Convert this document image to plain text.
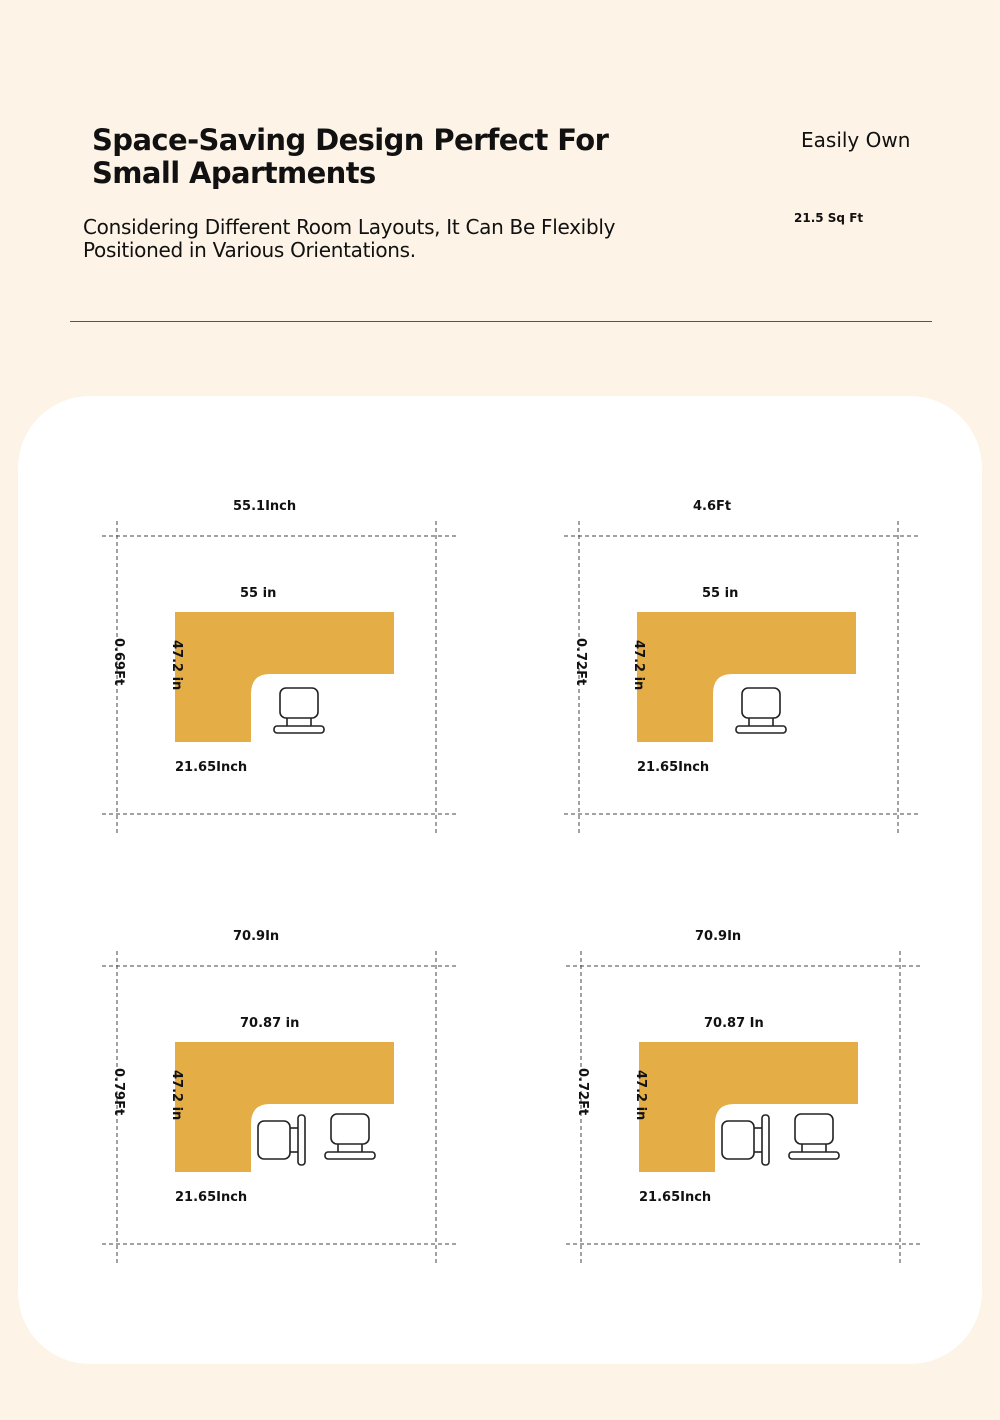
Space-Saving Design Perfect For Small Apartments

Considering Different Room Layouts, It Can Be Flexibly Positioned in Various Orientations.

Easily Own
21.5 Sq Ft
55.1Inch
0.69Ft
55 in
47.2 in
21.65Inch
4.6Ft
0.72Ft
55 in
47.2 in
21.65Inch
70.9In
0.79Ft
70.87 in
47.2 in
21.65Inch
70.9In
0.72Ft
70.87 In
47.2 in
21.65Inch
